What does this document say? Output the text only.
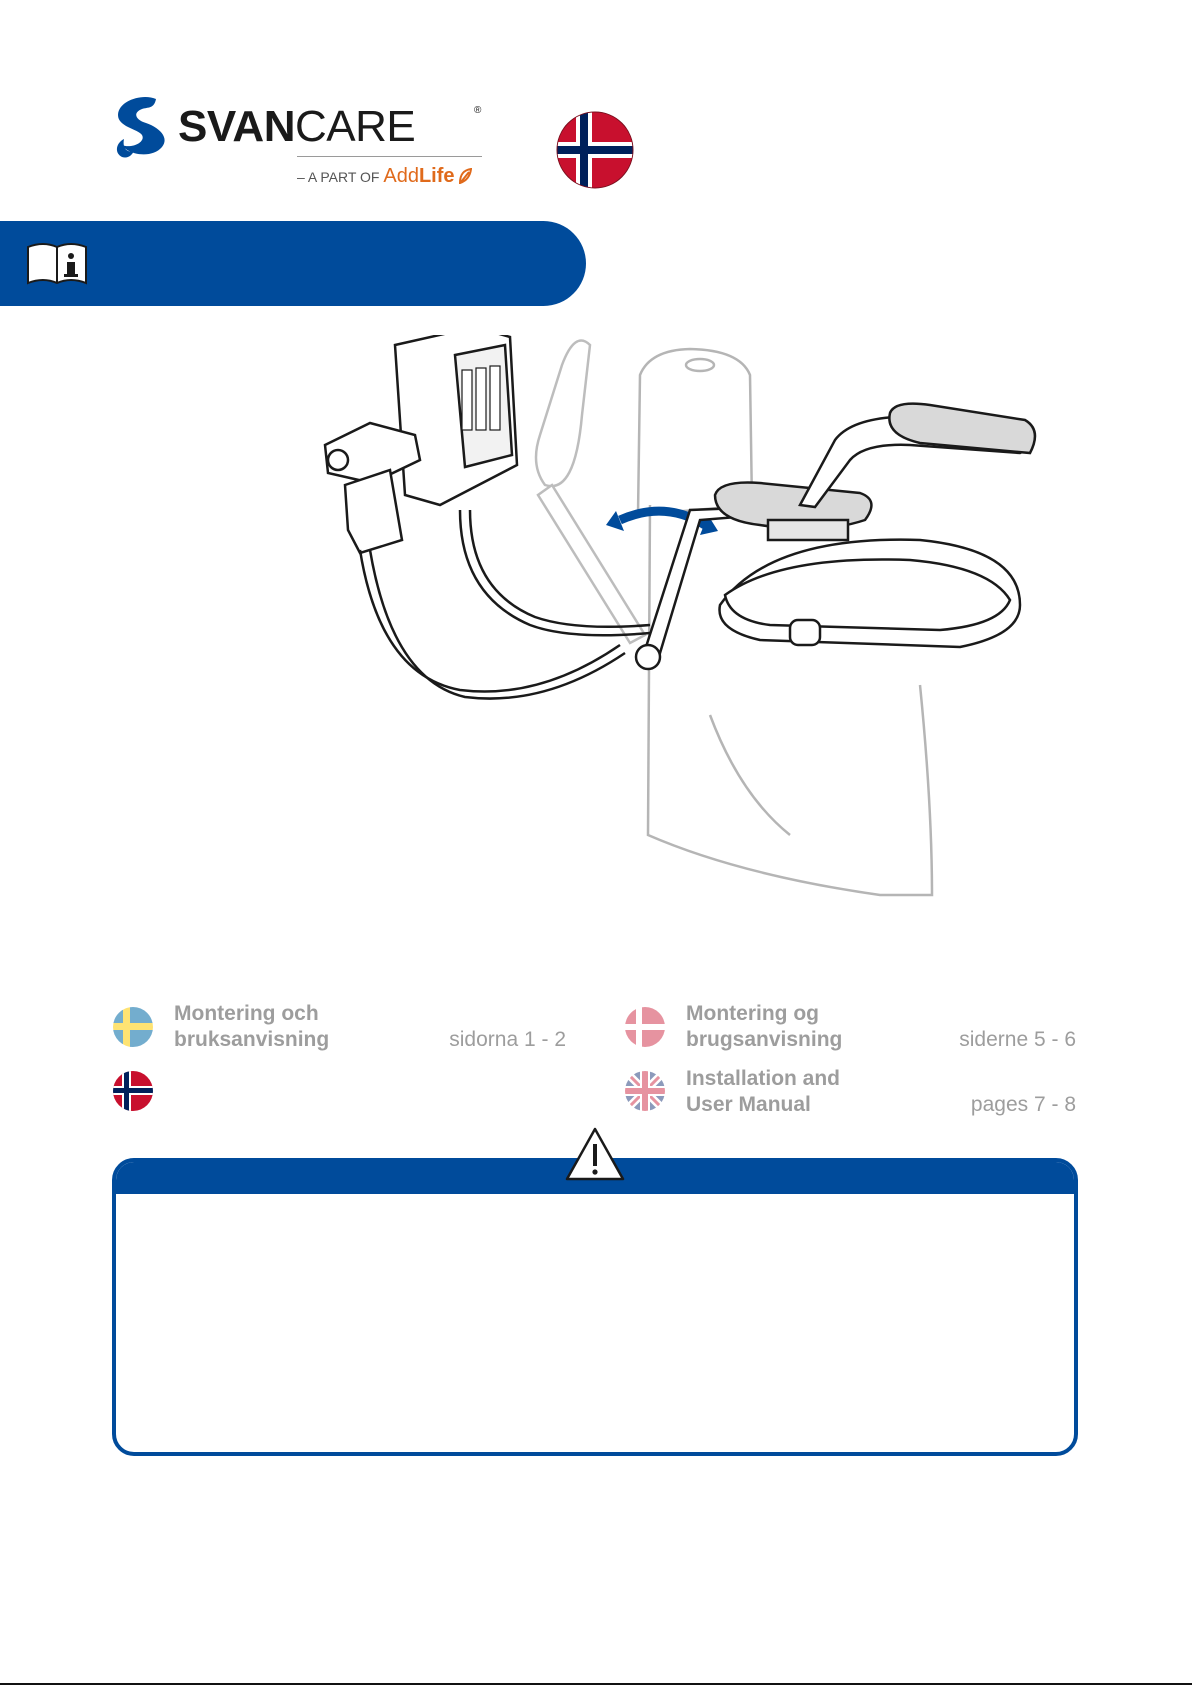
SVANCARE	®
– A PART OF AddLife
Montering och
bruksanvisning	sidorna 1 - 2
Montering og
brugsanvisning	siderne 5 - 6
Installation and
User Manual	pages 7 - 8
